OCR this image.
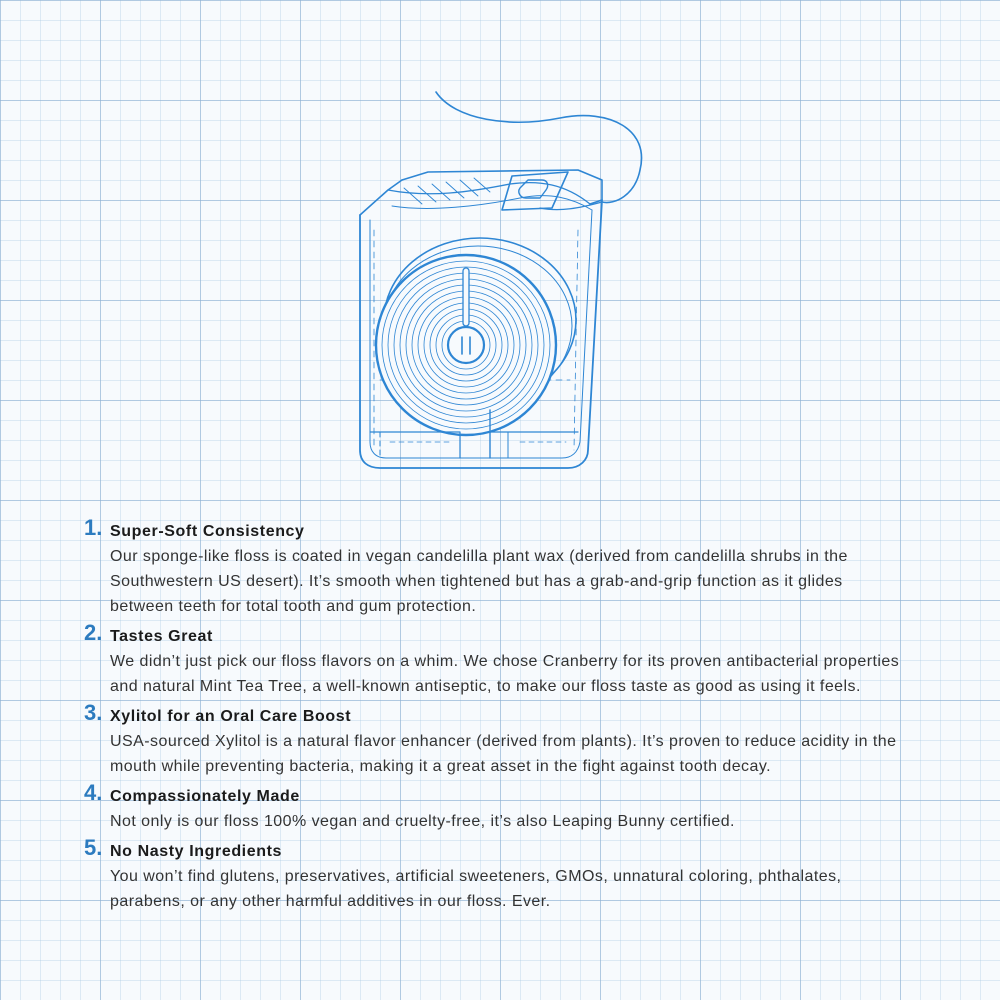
1. Super-Soft Consistency
Our sponge-like floss is coated in vegan candelilla plant wax (derived from candelilla shrubs in the Southwestern US desert). It’s smooth when tightened but has a grab-and-grip function as it glides between teeth for total tooth and gum protection.
2. Tastes Great
We didn’t just pick our floss flavors on a whim. We chose Cranberry for its proven antibacterial properties and natural Mint Tea Tree, a well-known antiseptic, to make our floss taste as good as using it feels.
3. Xylitol for an Oral Care Boost
USA-sourced Xylitol is a natural flavor enhancer (derived from plants). It’s proven to reduce acidity in the mouth while preventing bacteria, making it a great asset in the fight against tooth decay.
4. Compassionately Made
Not only is our floss 100% vegan and cruelty-free, it’s also Leaping Bunny certified.
5. No Nasty Ingredients
You won’t find glutens, preservatives, artificial sweeteners, GMOs, unnatural coloring, phthalates, parabens, or any other harmful additives in our floss. Ever.
